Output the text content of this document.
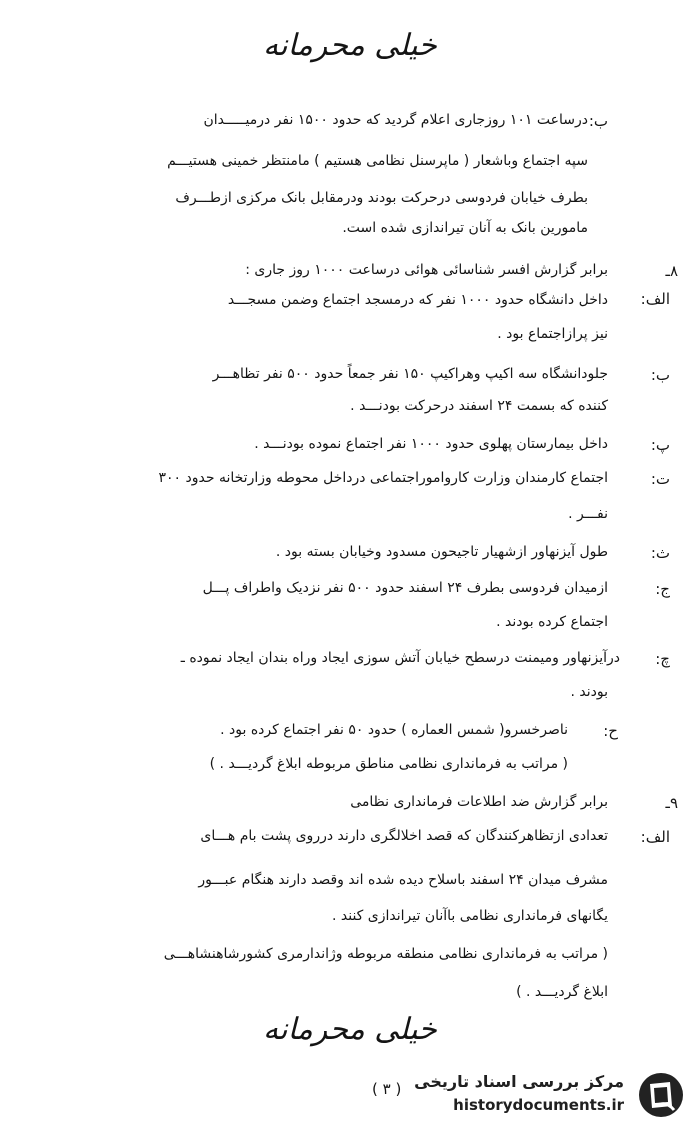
خیلی محرمانه
ب:
درساعت ۱۰۱ روزجاری اعلام گردید که حدود ۱۵۰۰ نفر درمیـــــدان
سپه اجتماع وباشعار ( ماپرسنل نظامی هستیم ) مامنتظر خمینی هستیـــم
بطرف خیابان فردوسی درحرکت بودند ودرمقابل بانک مرکزی ازطـــرف
مامورین بانک به آنان تیراندازی شده است.
۸ـ
برابر گزارش افسر شناسائی هوائی درساعت ۱۰۰۰ روز جاری :
الف:
داخل دانشگاه حدود ۱۰۰۰ نفر که درمسجد اجتماع وضمن مسجـــد
نیز پرازاجتماع بود .
ب:
جلودانشگاه سه اکیپ وهراکیپ ۱۵۰ نفر جمعاً حدود ۵۰۰ نفر تظاهـــر
کننده که بسمت ۲۴ اسفند درحرکت بودنـــد .
پ:
داخل بیمارستان پهلوی حدود ۱۰۰۰ نفر اجتماع نموده بودنـــد .
ت:
اجتماع کارمندان وزارت کارواموراجتماعی درداخل محوطه وزارتخانه حدود ۳۰۰
نفـــر .
ث:
طول آیزنهاور ازشهیار تاجیحون مسدود وخیابان بسته بود .
ج:
ازمیدان فردوسی بطرف ۲۴ اسفند حدود ۵۰۰ نفر نزدیک واطراف پـــل
اجتماع کرده بودند .
چ:
درآیزنهاور ومیمنت درسطح خیابان آتش سوزی ایجاد وراه بندان ایجاد نموده ـ
بودند .
ح:
ناصرخسرو( شمس العماره ) حدود ۵۰ نفر اجتماع کرده بود .
( مراتب به فرمانداری نظامی مناطق مربوطه ابلاغ گردیـــد . )
۹ـ
برابر گزارش ضد اطلاعات فرمانداری نظامی
الف:
تعدادی ازتظاهرکنندگان که قصد اخلالگری دارند درروی پشت بام هـــای
مشرف میدان ۲۴ اسفند باسلاح دیده شده اند وقصد دارند هنگام عبـــور
یگانهای فرمانداری نظامی باآنان تیراندازی کنند .
( مراتب به فرمانداری نظامی منطقه مربوطه وژاندارمری کشورشاهنشاهـــی
ابلاغ گردیـــد . )
خیلی محرمانه
( ۳ ) مرکز بررسی اسناد تاریخی
historydocuments.ir
